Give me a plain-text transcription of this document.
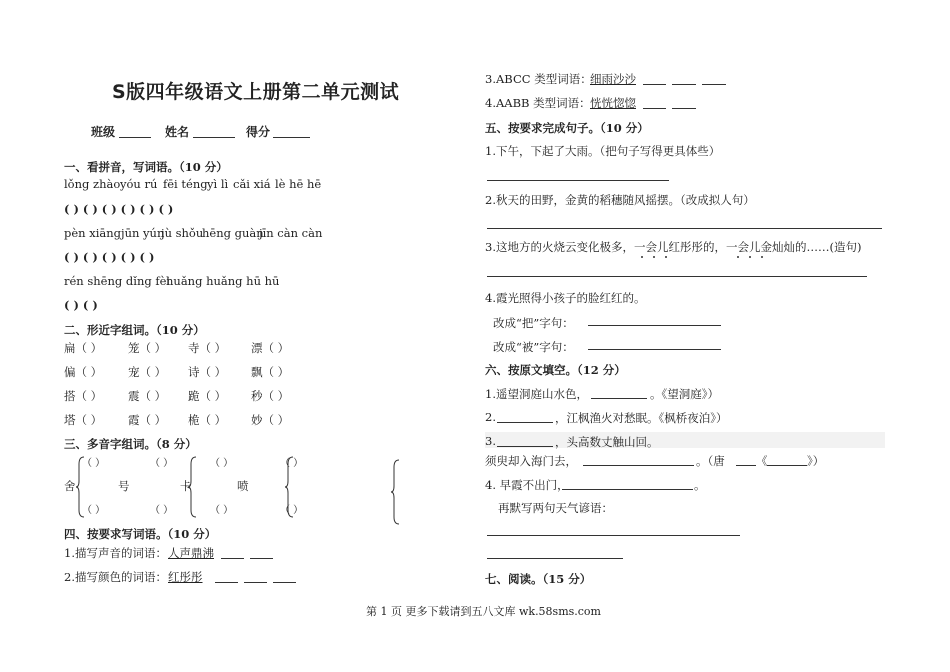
S版四年级语文上册第二单元测试
班级	姓名	得分
一、看拼音，写词语。（10 分）
lǒng zhào yóu rú fēi téng yì lì cǎi xiá lè hē hē
( ) ( ) ( ) ( ) ( ) ( )
pèn xiāng jūn yún
jù shǒu
hēng guàn
jīn càn càn
( ) ( ) ( ) ( ) ( )
rén shēng dǐng fèi
huǎng huǎng hū hū
( ) ( )
二、形近字组词。（10 分）
扁（ ） 笼（ ） 寺（ ） 漂（ ）
偏（ ） 宠（ ） 诗（ ） 飘（ ）
搭（ ） 震（ ） 跪（ ） 秒（ ）
塔（ ） 霞（ ） 桅（ ） 妙（ ）
三、多音字组词。（8 分）
（ ）	（ ）	（ ）	（ ）
舍	号	卡	喷
（ ）	（ ）	（ ）	（ ）
四、按要求写词语。（10 分）
1.描写声音的词语： 人声鼎沸
2.描写颜色的词语： 红彤彤
3.ABCC 类型词语：
细雨沙沙
4.AABB 类型词语： 恍恍惚惚
五、按要求完成句子。（10 分）
1.下午，下起了大雨。（把句子写得更具体些）
2.秋天的田野，金黄的稻穗随风摇摆。（改成拟人句）
3.这地方的火烧云变化极多，一会儿红彤彤的，一会儿金灿灿的……(造句)
4.霞光照得小孩子的脸红红的。
改成“把”字句：
改成“被”字句：
六、按原文填空。（12 分）
1.遥望洞庭山水色，	。《望洞庭》）
2.	，江枫渔火对愁眠。《枫桥夜泊》）
3.	，头高数丈触山回。
须臾却入海门去，	。（唐	《	》）
4. 早霞不出门，	。
再默写两句天气谚语：
七、阅读。（15 分）
第 1 页 更多下载请到五八文库 wk.58sms.com
